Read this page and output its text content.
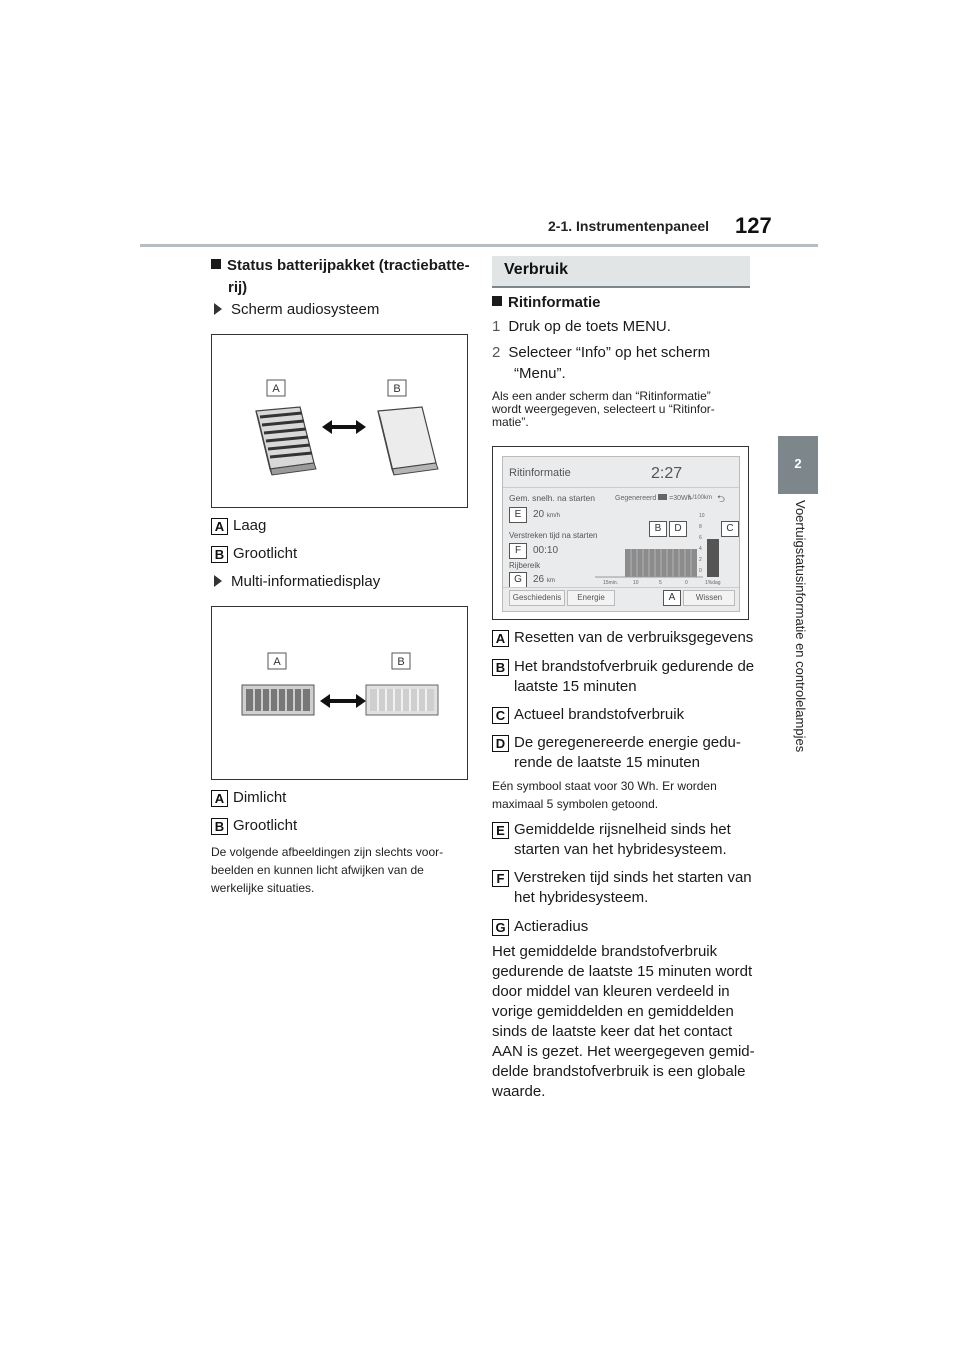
2-1. Instrumentenpaneel 127
2
Voertuigstatusinformatie en controlelampjes
Status batterijpakket (tractiebatte-
rij)
Scherm audiosysteem
A	B
A Laag
B Grootlicht
Multi-informatiedisplay
A	B
A Dimlicht
B Grootlicht
De volgende afbeeldingen zijn slechts voor-
beelden en kunnen licht afwijken van de
werkelijke situaties.
Verbruik
Ritinformatie
1 Druk op de toets MENU.
2 Selecteer “Info” op het scherm
“Menu”.
Als een ander scherm dan “Ritinformatie”
wordt weergegeven, selecteert u “Ritinfor-
matie”.
Ritinformatie	2:27
Gem. snelh. na starten	Gegenereerd =30Wh
L/100km ⮌
E	20 km/h
Verstreken tijd na starten
F	00:10
Rijbereik
G	26 km
10
8
6
4
2
0
15min.	10	5	0	1%dag
B	D	C
Geschiedenis	Energie	A	Wissen
A Resetten van de verbruiksgegevens
B Het brandstofverbruik gedurende de
laatste 15 minuten
C Actueel brandstofverbruik
D De geregenereerde energie gedu-
rende de laatste 15 minuten
Eén symbool staat voor 30 Wh. Er worden
maximaal 5 symbolen getoond.
E Gemiddelde rijsnelheid sinds het
starten van het hybridesysteem.
F Verstreken tijd sinds het starten van
het hybridesysteem.
G Actieradius
Het gemiddelde brandstofverbruik
gedurende de laatste 15 minuten wordt
door middel van kleuren verdeeld in
vorige gemiddelden en gemiddelden
sinds de laatste keer dat het contact
AAN is gezet. Het weergegeven gemid-
delde brandstofverbruik is een globale
waarde.
